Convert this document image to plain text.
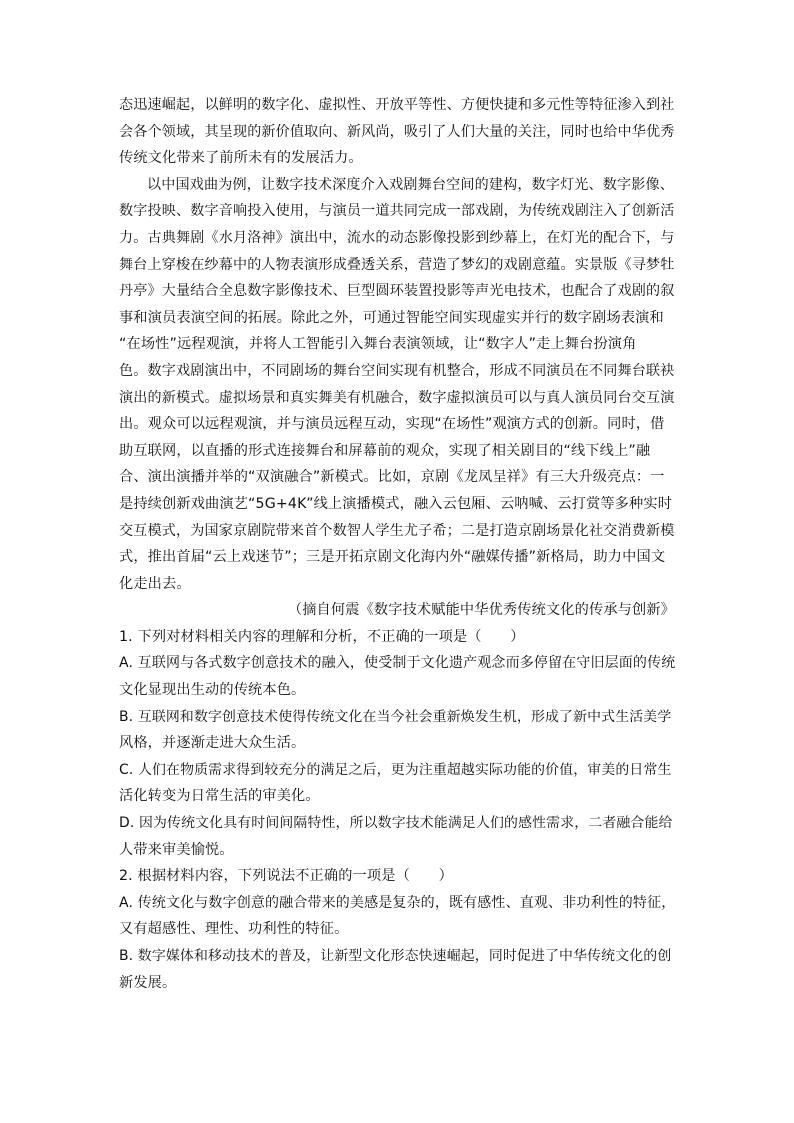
态迅速崛起，以鲜明的数字化、虚拟性、开放平等性、方便快捷和多元性等特征渗入到社
会各个领域，其呈现的新价值取向、新风尚，吸引了人们大量的关注，同时也给中华优秀
传统文化带来了前所未有的发展活力。
以中国戏曲为例，让数字技术深度介入戏剧舞台空间的建构，数字灯光、数字影像、
数字投映、数字音响投入使用，与演员一道共同完成一部戏剧，为传统戏剧注入了创新活
力。古典舞剧《水月洛神》演出中，流水的动态影像投影到纱幕上，在灯光的配合下，与
舞台上穿梭在纱幕中的人物表演形成叠透关系，营造了梦幻的戏剧意蕴。实景版《寻梦牡
丹亭》大量结合全息数字影像技术、巨型圆环装置投影等声光电技术，也配合了戏剧的叙
事和演员表演空间的拓展。除此之外，可通过智能空间实现虚实并行的数字剧场表演和
“在场性”远程观演，并将人工智能引入舞台表演领域，让“数字人”走上舞台扮演角
色。数字戏剧演出中，不同剧场的舞台空间实现有机整合，形成不同演员在不同舞台联袂
演出的新模式。虚拟场景和真实舞美有机融合，数字虚拟演员可以与真人演员同台交互演
出。观众可以远程观演，并与演员远程互动，实现“在场性”观演方式的创新。同时，借
助互联网，以直播的形式连接舞台和屏幕前的观众，实现了相关剧目的“线下线上”融
合、演出演播并举的“双演融合”新模式。比如，京剧《龙凤呈祥》有三大升级亮点：一
是持续创新戏曲演艺“5G+4K”线上演播模式，融入云包厢、云呐喊、云打赏等多种实时
交互模式，为国家京剧院带来首个数智人学生尤子希；二是打造京剧场景化社交消费新模
式，推出首届“云上戏迷节”；三是开拓京剧文化海内外“融媒传播”新格局，助力中国文
化走出去。
（摘自何震《数字技术赋能中华优秀传统文化的传承与创新》
1. 下列对材料相关内容的理解和分析，不正确的一项是（　　）
A. 互联网与各式数字创意技术的融入，使受制于文化遗产观念而多停留在守旧层面的传统
文化显现出生动的传统本色。
B. 互联网和数字创意技术使得传统文化在当今社会重新焕发生机，形成了新中式生活美学
风格，并逐渐走进大众生活。
C. 人们在物质需求得到较充分的满足之后，更为注重超越实际功能的价值，审美的日常生
活化转变为日常生活的审美化。
D. 因为传统文化具有时间间隔特性，所以数字技术能满足人们的感性需求，二者融合能给
人带来审美愉悦。
2. 根据材料内容，下列说法不正确的一项是（　　）
A. 传统文化与数字创意的融合带来的美感是复杂的，既有感性、直观、非功利性的特征，
又有超感性、理性、功利性的特征。
B. 数字媒体和移动技术的普及，让新型文化形态快速崛起，同时促进了中华传统文化的创
新发展。
